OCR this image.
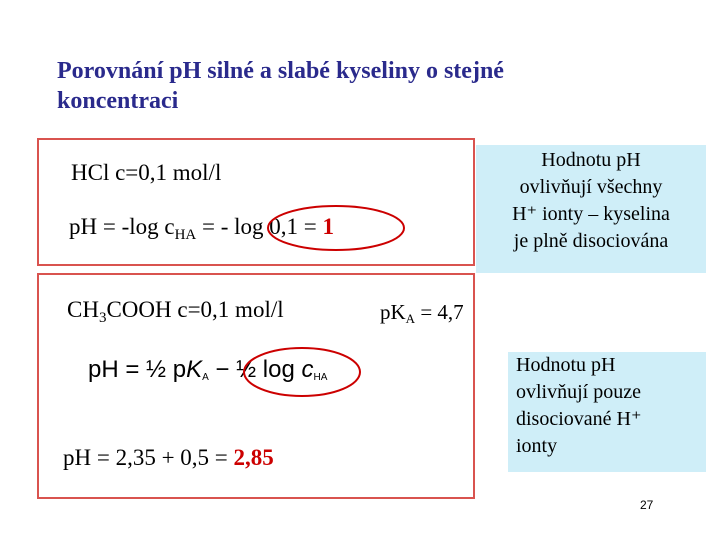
Porovnání pH silné a slabé kyseliny o stejné koncentraci
HCl c=0,1 mol/l
pH = -log $c_{HA}$ = - log 0,1 = 1
$CH_3COOH$ c=0,1 mol/l
pH = 2,35 + 0,5 = 2,85
pH = ½ pKA − ½ log cHA
$pK_A = 4,7$
Hodnotu pH
ovlivňují všechny
H⁺ ionty – kyselina
je plně disociována
Hodnotu pH
ovlivňují pouze
disociované H⁺
ionty
27
